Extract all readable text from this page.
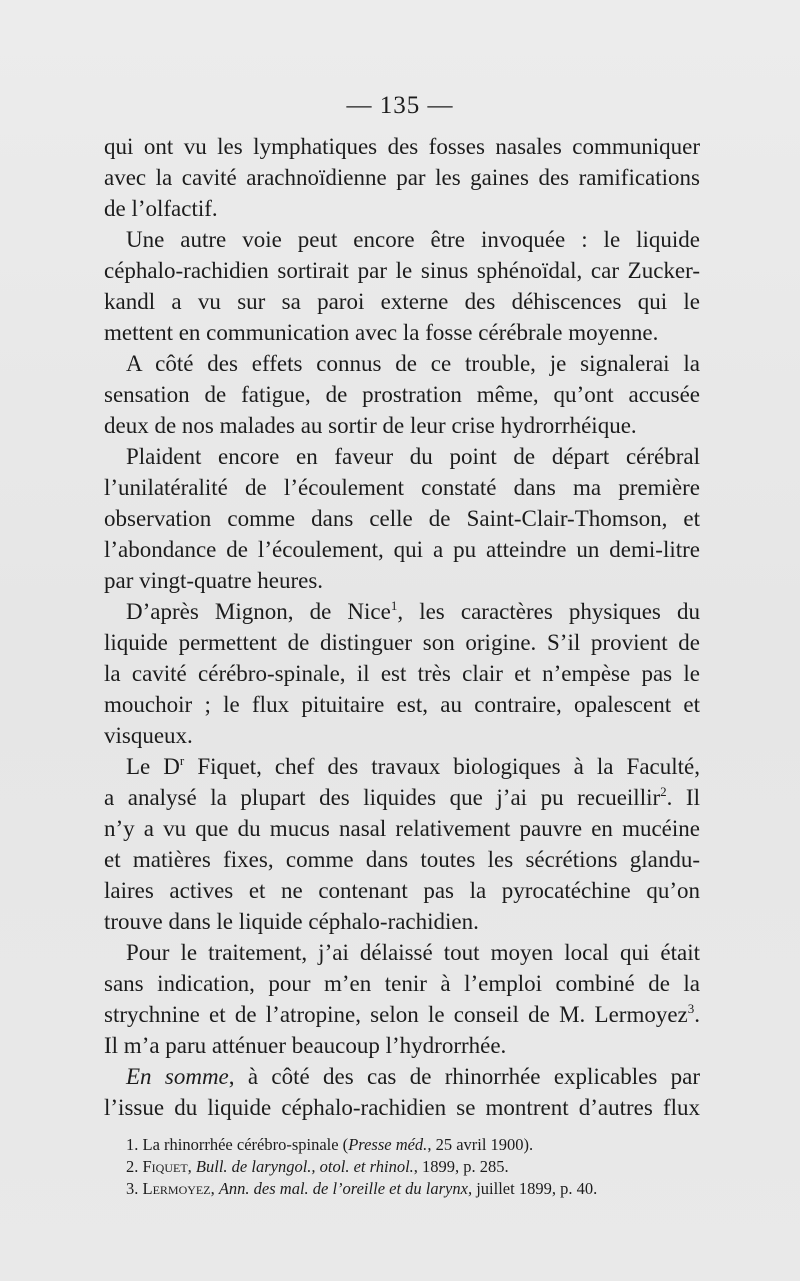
— 135 —
qui ont vu les lymphatiques des fosses nasales communiquer
avec la cavité arachnoïdienne par les gaines des ramifications
de l’olfactif.
Une autre voie peut encore être invoquée : le liquide
céphalo-rachidien sortirait par le sinus sphénoïdal, car Zucker-
kandl a vu sur sa paroi externe des déhiscences qui le
mettent en communication avec la fosse cérébrale moyenne.
A côté des effets connus de ce trouble, je signalerai la
sensation de fatigue, de prostration même, qu’ont accusée
deux de nos malades au sortir de leur crise hydrorrhéique.
Plaident encore en faveur du point de départ cérébral
l’unilatéralité de l’écoulement constaté dans ma première
observation comme dans celle de Saint-Clair-Thomson, et
l’abondance de l’écoulement, qui a pu atteindre un demi-litre
par vingt-quatre heures.
D’après Mignon, de Nice$^1$, les caractères physiques du
liquide permettent de distinguer son origine. S’il provient de
la cavité cérébro-spinale, il est très clair et n’empèse pas le
mouchoir ; le flux pituitaire est, au contraire, opalescent et
visqueux.
Le $D^r$ Fiquet, chef des travaux biologiques à la Faculté,
a analysé la plupart des liquides que j’ai pu recueillir$^2$. Il
n’y a vu que du mucus nasal relativement pauvre en mucéine
et matières fixes, comme dans toutes les sécrétions glandu-
laires actives et ne contenant pas la pyrocatéchine qu’on
trouve dans le liquide céphalo-rachidien.
Pour le traitement, j’ai délaissé tout moyen local qui était
sans indication, pour m’en tenir à l’emploi combiné de la
strychnine et de l’atropine, selon le conseil de M. Lermoyez$^3$.
Il m’a paru atténuer beaucoup l’hydrorrhée.
En somme, à côté des cas de rhinorrhée explicables par
l’issue du liquide céphalo-rachidien se montrent d’autres flux
1. La rhinorrhée cérébro-spinale (Presse méd., 25 avril 1900).
2. Fiquet, Bull. de laryngol., otol. et rhinol., 1899, p. 285.
3. Lermoyez, Ann. des mal. de l’oreille et du larynx, juillet 1899, p. 40.
